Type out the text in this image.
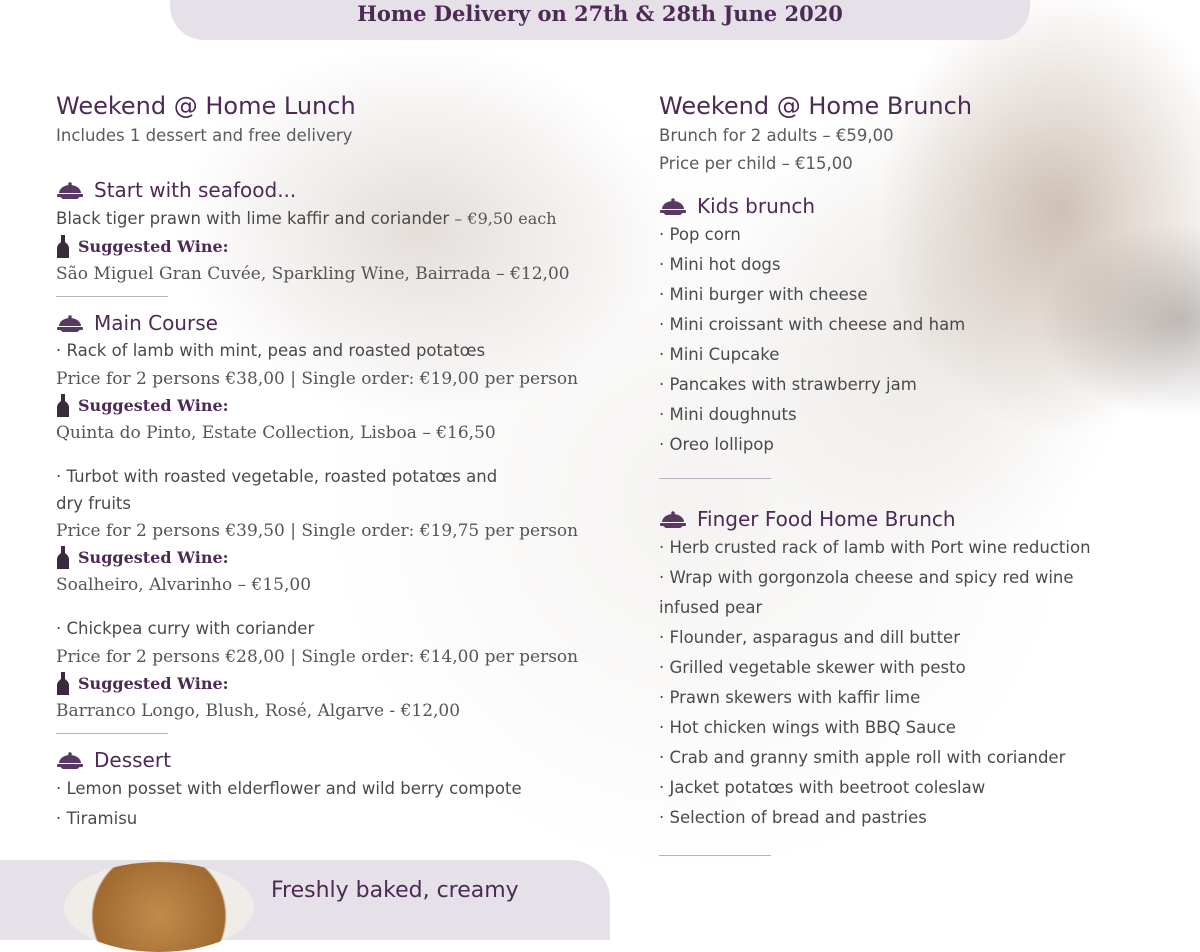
Home Delivery on 27th & 28th June 2020
Weekend @ Home Lunch
Includes 1 dessert and free delivery
Start with seafood...
Black tiger prawn with lime kaffir and coriander – €9,50 each
Suggested Wine:
São Miguel Gran Cuvée, Sparkling Wine, Bairrada – €12,00
Main Course
· Rack of lamb with mint, peas and roasted potatœs
Price for 2 persons €38,00 | Single order: €19,00 per person
Suggested Wine:
Quinta do Pinto, Estate Collection, Lisboa – €16,50
· Turbot with roasted vegetable, roasted potatœs and
dry fruits
Price for 2 persons €39,50 | Single order: €19,75 per person
Suggested Wine:
Soalheiro, Alvarinho – €15,00
· Chickpea curry with coriander
Price for 2 persons €28,00 | Single order: €14,00 per person
Suggested Wine:
Barranco Longo, Blush, Rosé, Algarve - €12,00
Dessert
· Lemon posset with elderflower and wild berry compote
· Tiramisu
Weekend @ Home Brunch
Brunch for 2 adults – €59,00
Price per child – €15,00
Kids brunch
· Pop corn
· Mini hot dogs
· Mini burger with cheese
· Mini croissant with cheese and ham
· Mini Cupcake
· Pancakes with strawberry jam
· Mini doughnuts
· Oreo lollipop
Finger Food Home Brunch
· Herb crusted rack of lamb with Port wine reduction
· Wrap with gorgonzola cheese and spicy red wine
infused pear
· Flounder, asparagus and dill butter
· Grilled vegetable skewer with pesto
· Prawn skewers with kaffir lime
· Hot chicken wings with BBQ Sauce
· Crab and granny smith apple roll with coriander
· Jacket potatœs with beetroot coleslaw
· Selection of bread and pastries
Freshly baked, creamy
